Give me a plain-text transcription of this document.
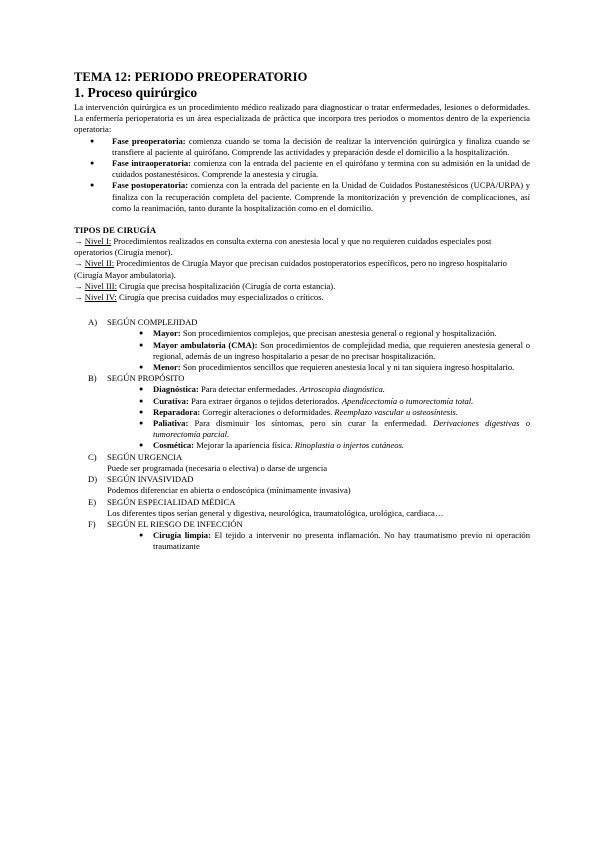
TEMA 12: PERIODO PREOPERATORIO
1. Proceso quirúrgico

La intervención quirúrgica es un procedimiento médico realizado para diagnosticar o tratar enfermedades, lesiones o deformidades. La enfermería perioperatoria es un área especializada de práctica que incorpora tres periodos o momentos dentro de la experiencia operatoria:

● Fase preoperatoria: comienza cuando se toma la decisión de realizar la intervención quirúrgica y finaliza cuando se transfiere al paciente al quirófano. Comprende las actividades y preparación desde el domicilio a la hospitalización.
● Fase intraoperatoria: comienza con la entrada del paciente en el quirófano y termina con su admisión en la unidad de cuidados postanestésicos. Comprende la anestesia y cirugía.
● Fase postoperatoria: comienza con la entrada del paciente en la Unidad de Cuidados Postanestésicos (UCPA/URPA) y finaliza con la recuperación completa del paciente. Comprende la monitorización y prevención de complicaciones, así como la reanimación, tanto durante la hospitalización como en el domicilio.
TIPOS DE CIRUGÍA
→ Nivel I: Procedimientos realizados en consulta externa con anestesia local y que no requieren cuidados especiales post operatorios (Cirugía menor).
→ Nivel II: Procedimientos de Cirugía Mayor que precisan cuidados postoperatorios específicos, pero no ingreso hospitalario (Cirugía Mayor ambulatoria).
→ Nivel III: Cirugía que precisa hospitalización (Cirugía de corta estancia).
→ Nivel IV: Cirugía que precisa cuidados muy especializados o críticos.
A) SEGÚN COMPLEJIDAD
● Mayor: Son procedimientos complejos, que precisan anestesia general o regional y hospitalización.
● Mayor ambulatoria (CMA): Son procedimientos de complejidad media, que requieren anestesia general o regional, además de un ingreso hospitalario a pesar de no precisar hospitalización.
● Menor: Son procedimientos sencillos que requieren anestesia local y ni tan siquiera ingreso hospitalario.
B) SEGÚN PROPÓSITO
● Diagnóstica: Para detectar enfermedades. Artroscopia diagnóstica.
● Curativa: Para extraer órganos o tejidos deteriorados. Apendicectomía o tumorectomía total.
● Reparadora: Corregir alteraciones o deformidades. Reemplazo vascular u osteosíntesis.
● Paliativa: Para disminuir los síntomas, pero sin curar la enfermedad. Derivaciones digestivas o tumorectomía parcial.
● Cosmética: Mejorar la apariencia física. Rinoplastia o injertos cutáneos.
C) SEGÚN URGENCIA
Puede ser programada (necesaria o electiva) o darse de urgencia
D) SEGÚN INVASIVIDAD
Podemos diferenciar en abierta o endoscópica (mínimamente invasiva)
E) SEGÚN ESPECIALIDAD MÉDICA
Los diferentes tipos serían general y digestiva, neurológica, traumatológica, urológica, cardiaca…
F) SEGÚN EL RIESGO DE INFECCIÓN
● Cirugía limpia: El tejido a intervenir no presenta inflamación. No hay traumatismo previo ni operación traumatizante
